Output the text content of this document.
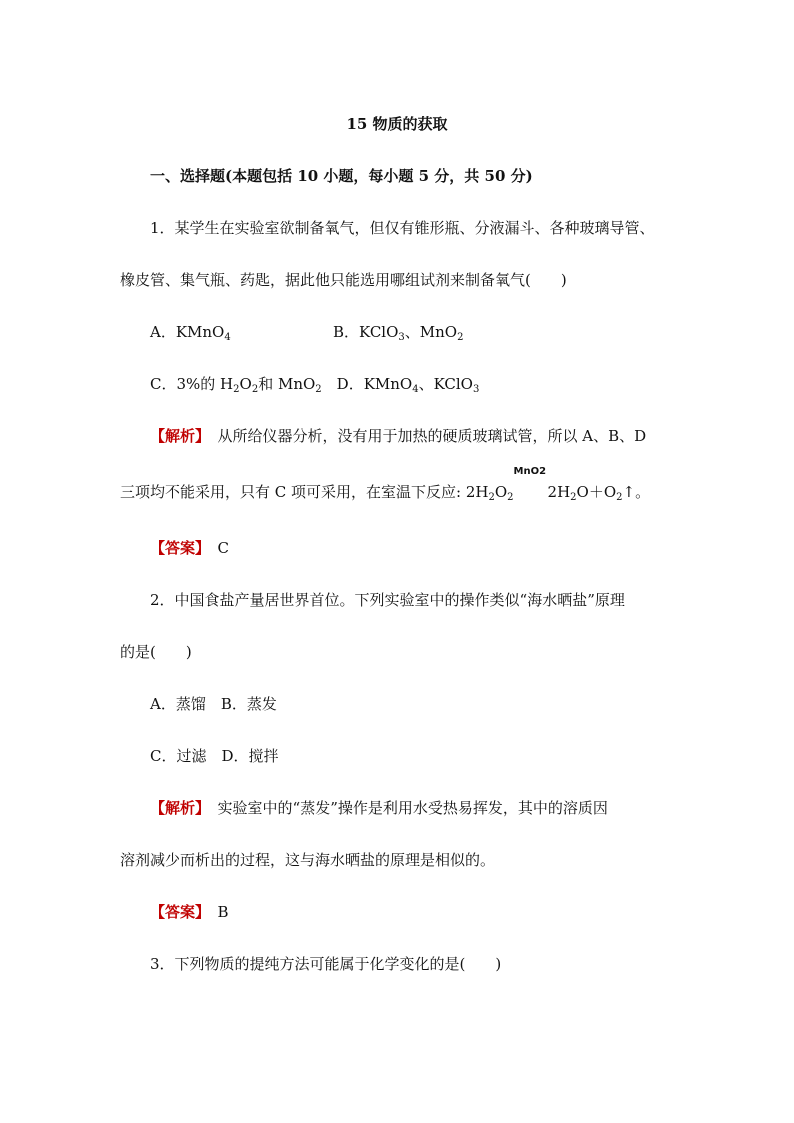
15 物质的获取
一、选择题(本题包括 10 小题，每小题 5 分，共 50 分)
1．某学生在实验室欲制备氧气，但仅有锥形瓶、分液漏斗、各种玻璃导管、
橡皮管、集气瓶、药匙，据此他只能选用哪组试剂来制备氧气(　　)
A．KMnO$_4$	B．KClO$_3$、MnO$_2$
C．3%的 $H_2O_2$和 MnO$_2$　 D．KMnO$_4$、KClO$_3$
【解析】　 从所给仪器分析，没有用于加热的硬质玻璃试管，所以 A、B、D
三项均不能采用，只有 C 项可采用，在室温下反应: $2H_2O_2$
MnO2
$2H_2O+O_2↑$。
【答案】　 C
2．中国食盐产量居世界首位。下列实验室中的操作类似“海水晒盐”原理
的是(　　)
A．蒸馏　B．蒸发
C．过滤　D．搅拌
【解析】　 实验室中的“蒸发”操作是利用水受热易挥发，其中的溶质因
溶剂减少而析出的过程，这与海水晒盐的原理是相似的。
【答案】　 B
3．下列物质的提纯方法可能属于化学变化的是(　　)
